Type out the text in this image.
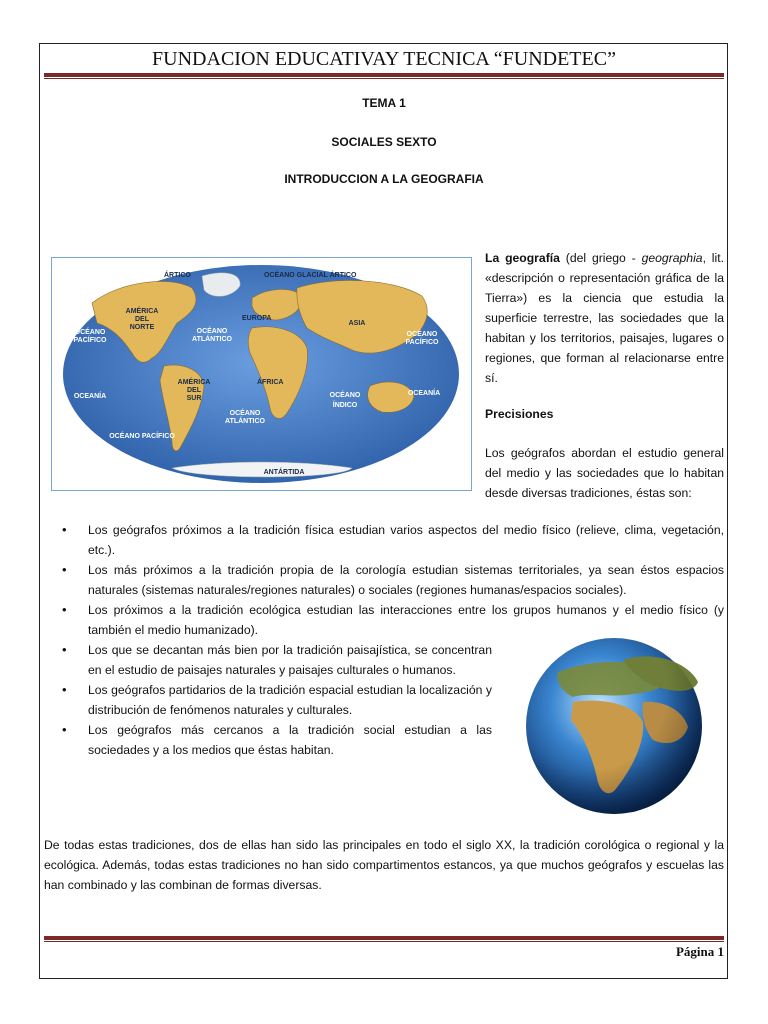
FUNDACION EDUCATIVAY TECNICA “FUNDETEC”
TEMA 1
SOCIALES SEXTO
INTRODUCCION A LA GEOGRAFIA
ÁRTICO	OCÉANO GLACIAL ÁRTICO
AMÉRICA
DEL
NORTE
OCÉANO
PACÍFICO
OCÉANO
ATLÁNTICO
EUROPA
ASIA
OCÉANO
PACÍFICO
OCEANÍA
AMÉRICA
DEL
SUR
ÁFRICA
OCÉANO
ÍNDICO
OCEANÍA
OCÉANO
ATLÁNTICO
OCÉANO PACÍFICO
ANTÁRTIDA
La geografía (del griego - geographia, lit. «descripción o representación gráfica de la Tierra») es la ciencia que estudia la superficie terrestre, las sociedades que la habitan y los territorios, paisajes, lugares o regiones, que forman al relacionarse entre sí.
Precisiones
Los geógrafos abordan el estudio general del medio y las sociedades que lo habitan desde diversas tradiciones, éstas son:
• Los geógrafos próximos a la tradición física estudian varios aspectos del medio físico (relieve, clima, vegetación, etc.).
• Los más próximos a la tradición propia de la corología estudian sistemas territoriales, ya sean éstos espacios naturales (sistemas naturales/regiones naturales) o sociales (regiones humanas/espacios sociales).
• Los próximos a la tradición ecológica estudian las interacciones entre los grupos humanos y el medio físico (y también el medio humanizado).
• Los que se decantan más bien por la tradición paisajística, se concentran en el estudio de paisajes naturales y paisajes culturales o humanos.
• Los geógrafos partidarios de la tradición espacial estudian la localización y distribución de fenómenos naturales y culturales.
• Los geógrafos más cercanos a la tradición social estudian a las sociedades y a los medios que éstas habitan.
De todas estas tradiciones, dos de ellas han sido las principales en todo el siglo XX, la tradición corológica o regional y la ecológica. Además, todas estas tradiciones no han sido compartimentos estancos, ya que muchos geógrafos y escuelas las han combinado y las combinan de formas diversas.
Página 1
